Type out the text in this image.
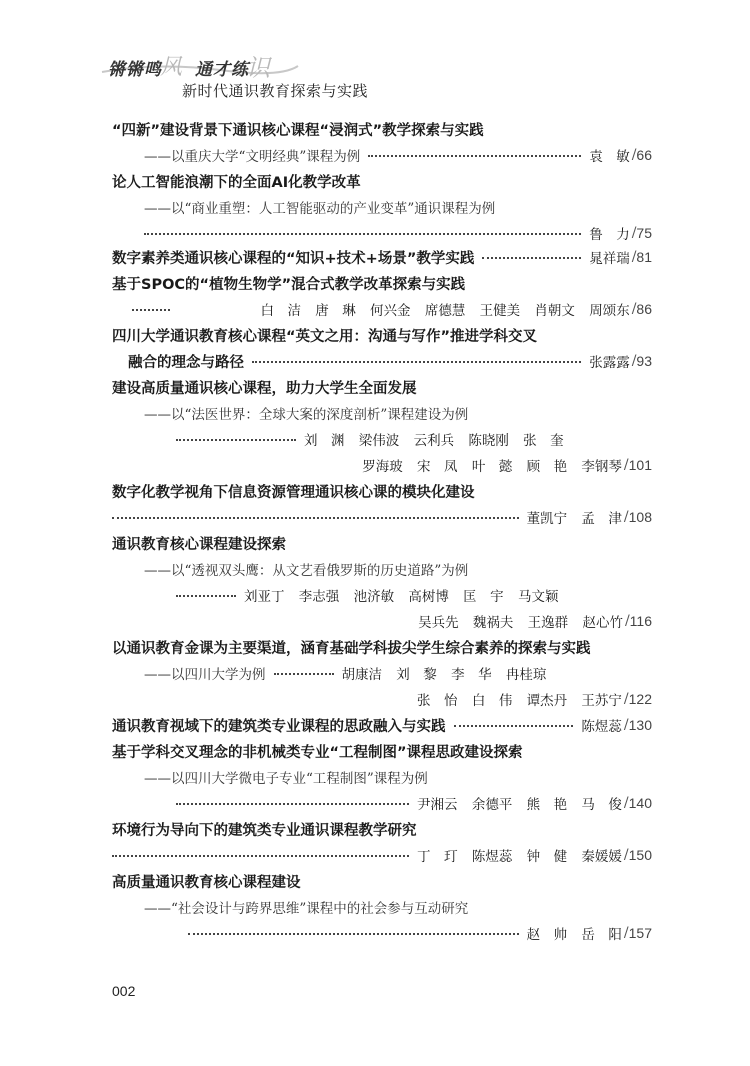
锵锵鸣
风 通才练
识
新时代通识教育探索与实践
“四新”建设背景下通识核心课程“浸润式”教学探索与实践
——以重庆大学“文明经典”课程为例	袁　敏 / 66
论人工智能浪潮下的全面AI化教学改革
——以“商业重塑：人工智能驱动的产业变革”通识课程为例
鲁　力 / 75
数字素养类通识核心课程的“知识+技术+场景”教学实践	晁祥瑞 / 81
基于SPOC的“植物生物学”混合式教学改革探索与实践
白　洁 唐　琳 何兴金 席德慧 王健美 肖朝文 周颂东 / 86
四川大学通识教育核心课程“英文之用：沟通与写作”推进学科交叉
融合的理念与路径	张露露 / 93
建设高质量通识核心课程，助力大学生全面发展
——以“法医世界：全球大案的深度剖析”课程建设为例
刘　渊 梁伟波 云利兵 陈晓刚 张　奎
罗海玻 宋　凤 叶　懿 顾　艳 李钢琴 / 101
数字化教学视角下信息资源管理通识核心课的模块化建设
董凯宁 孟　津 / 108
通识教育核心课程建设探索
——以“透视双头鹰：从文艺看俄罗斯的历史道路”为例
刘亚丁 李志强 池济敏 高树博 匡　宇 马文颖
吴兵先 魏祸夫 王逸群 赵心竹 / 116
以通识教育金课为主要渠道，涵育基础学科拔尖学生综合素养的探索与实践
——以四川大学为例	胡康洁 刘　黎 李　华 冉桂琼
张　怡 白　伟 谭杰丹 王苏宁 / 122
通识教育视域下的建筑类专业课程的思政融入与实践	陈煜蕊 / 130
基于学科交叉理念的非机械类专业“工程制图”课程思政建设探索
——以四川大学微电子专业“工程制图”课程为例
尹湘云 余德平 熊　艳 马　俊 / 140
环境行为导向下的建筑类专业通识课程教学研究
丁　玎 陈煜蕊 钟　健 秦媛媛 / 150
高质量通识教育核心课程建设
——“社会设计与跨界思维”课程中的社会参与互动研究
赵　帅 岳　阳 / 157
002
